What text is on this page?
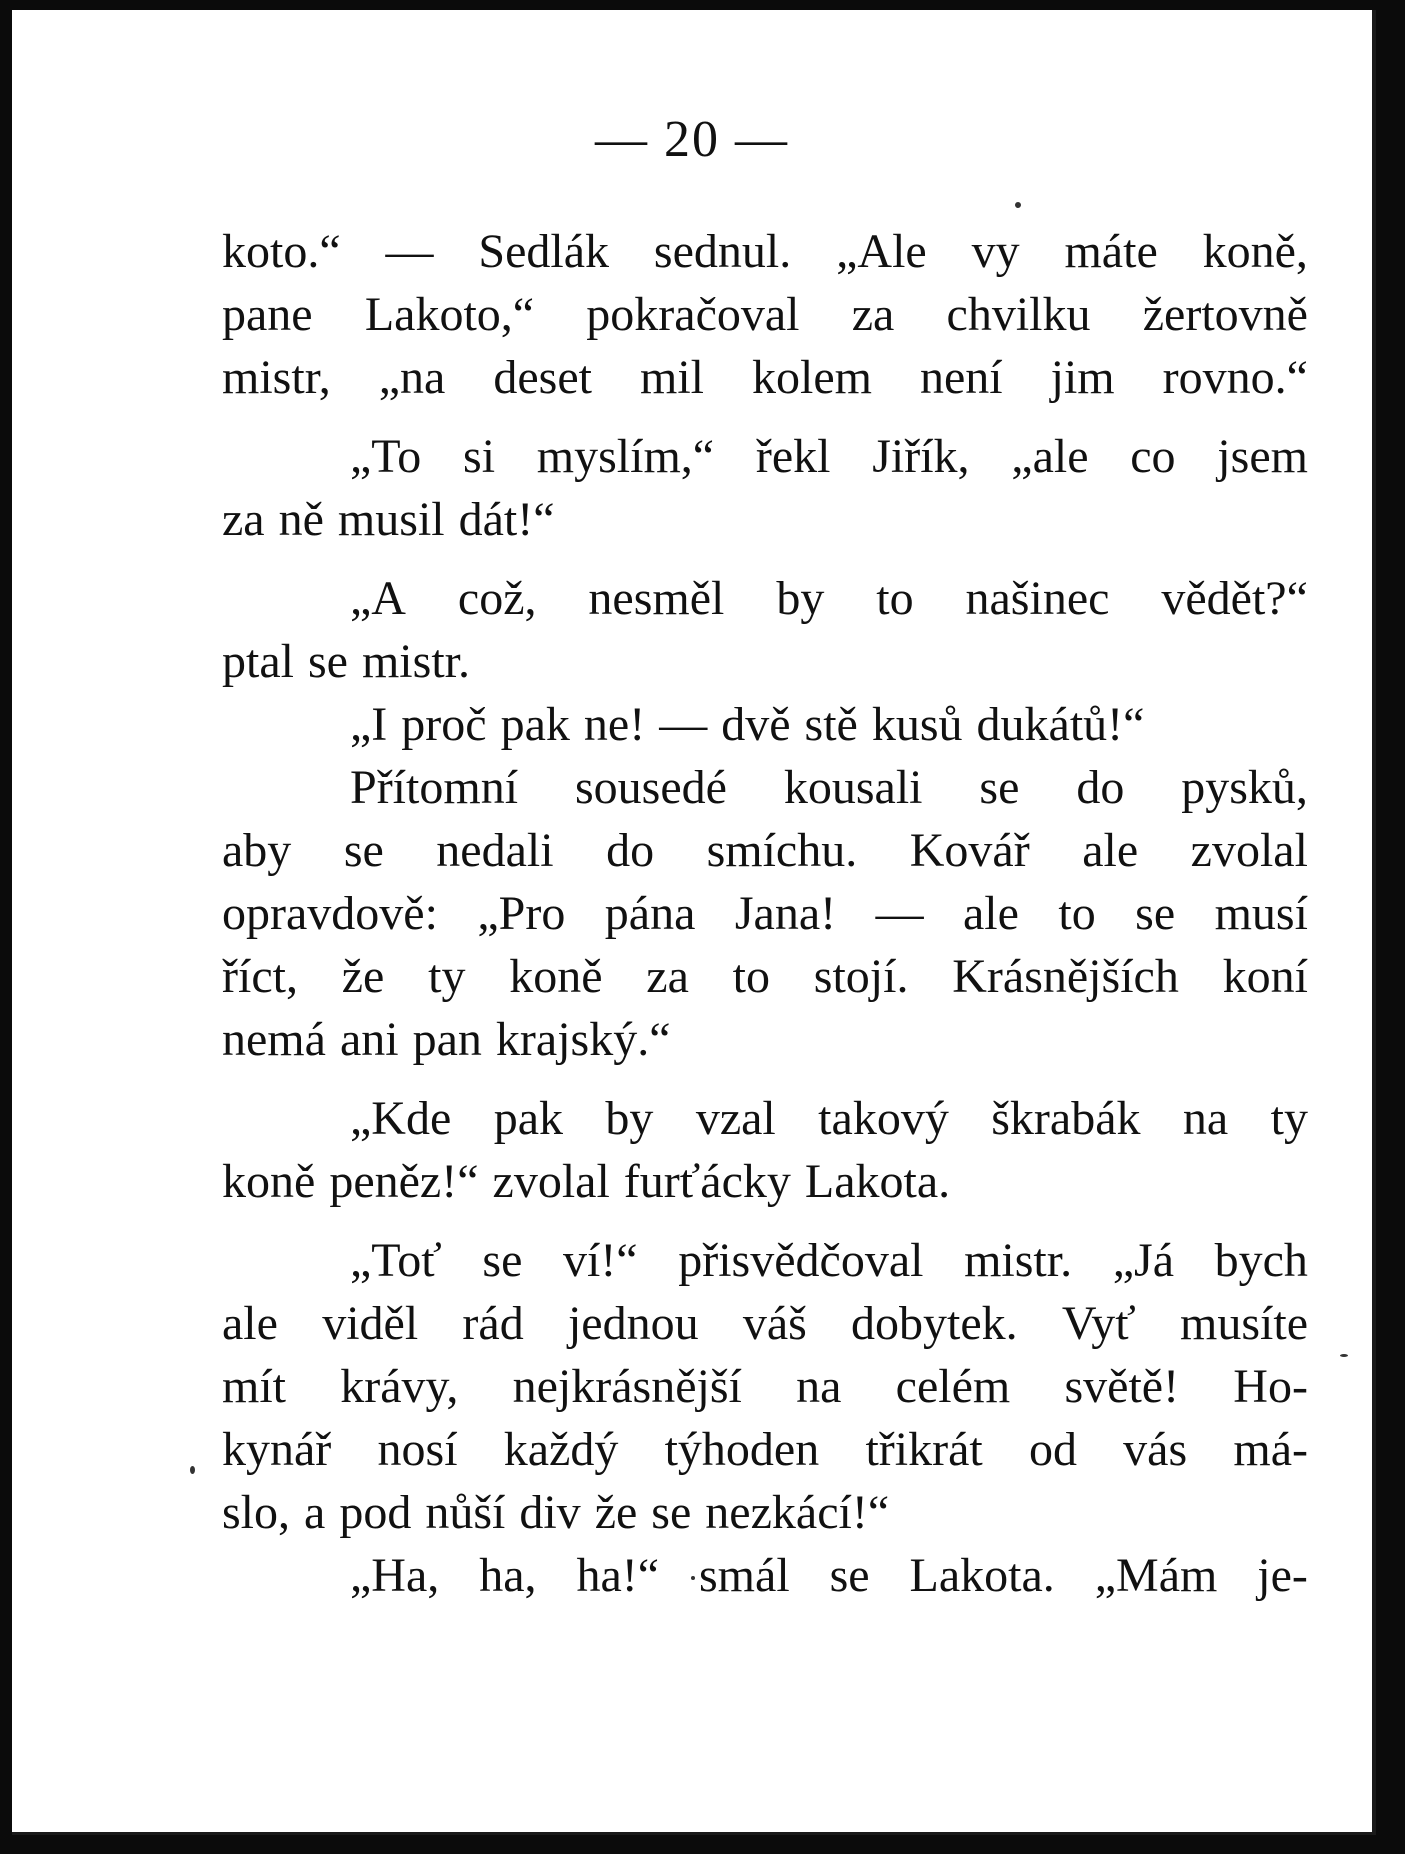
— 20 —
koto.“ — Sedlák sednul. „Ale vy máte koně,
pane Lakoto,“ pokračoval za chvilku žertovně
mistr, „na deset mil kolem není jim rovno.“
„To si myslím,“ řekl Jiřík, „ale co jsem
za ně musil dát!“
„A což, nesměl by to našinec vědět?“
ptal se mistr.
„I proč pak ne! — dvě stě kusů dukátů!“
Přítomní sousedé kousali se do pysků,
aby se nedali do smíchu. Kovář ale zvolal
opravdově: „Pro pána Jana! — ale to se musí
říct, že ty koně za to stojí. Krásnějších koní
nemá ani pan krajský.“
„Kde pak by vzal takový škrabák na ty
koně peněz!“ zvolal furťácky Lakota.
„Toť se ví!“ přisvědčoval mistr. „Já bych
ale viděl rád jednou váš dobytek. Vyť musíte
mít krávy, nejkrásnější na celém světě! Ho-
kynář nosí každý týhoden třikrát od vás má-
slo, a pod nůší div že se nezkácí!“
„Ha, ha, ha!“ smál se Lakota. „Mám je-
